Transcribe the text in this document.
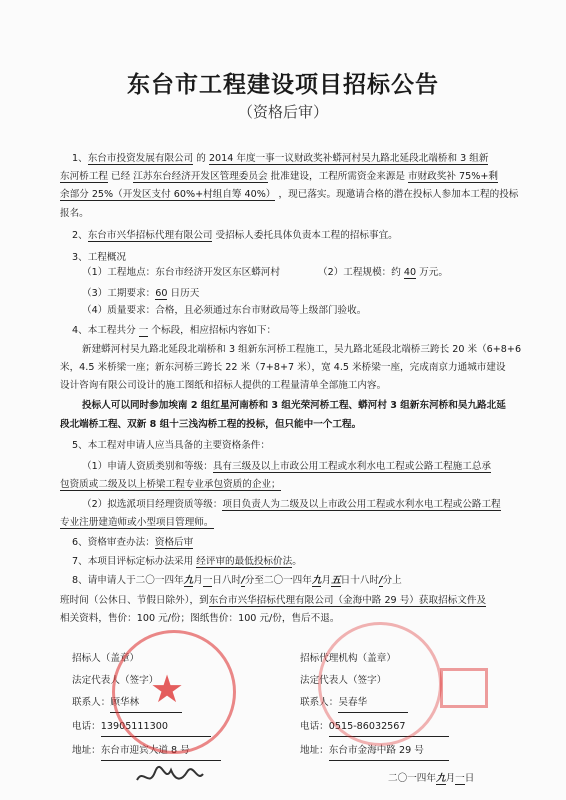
东台市工程建设项目招标公告
（资格后审）
1、东台市投资发展有限公司 的 2014 年度一事一议财政奖补蟒河村吴九路北延段北端桥和 3 组新
东河桥工程 已经 江苏东台经济开发区管理委员会 批准建设，工程所需资金来源是 市财政奖补 75%+剩
余部分 25%（开发区支付 60%+村组自筹 40%） ，现已落实。现邀请合格的潜在投标人参加本工程的投标
报名。
2、东台市兴华招标代理有限公司 受招标人委托具体负责本工程的招标事宜。
3、工程概况
（1）工程地点：东台市经济开发区东区蟒河村	（2）工程规模：约 40 万元。
（3）工期要求：60 日历天
（4）质量要求：合格，且必须通过东台市财政局等上级部门验收。
4、本工程共分 一 个标段，相应招标内容如下：
新建蟒河村吴九路北延段北端桥和 3 组新东河桥工程施工，吴九路北延段北端桥三跨长 20 米（6+8+6
米，4.5 米桥梁一座；新东河桥三跨长 22 米（7+8+7 米），宽 4.5 米桥梁一座，完成南京力通城市建设
设计咨询有限公司设计的施工图纸和招标人提供的工程量清单全部施工内容。
投标人可以同时参加埃南 2 组红星河南桥和 3 组光荣河桥工程、蟒河村 3 组新东河桥和吴九路北延
段北端桥工程、双新 8 组十三浅沟桥工程的投标，但只能中一个工程。
5、本工程对申请人应当具备的主要资格条件：
（1）申请人资质类别和等级：具有三级及以上市政公用工程或水利水电工程或公路工程施工总承
包资质或二级及以上桥梁工程专业承包资质的企业；
（2）拟选派项目经理资质等级：项目负责人为二级及以上市政公用工程或水利水电工程或公路工程
专业注册建造师或小型项目管理师。
6、资格审查办法：资格后审
7、本项目评标定标办法采用 经评审的最低投标价法。
8、请申请人于二〇一四年九月一日八时/分至二〇一四年九月五日十八时/分上
班时间（公休日、节假日除外），到东台市兴华招标代理有限公司（金海中路 29 号）获取招标文件及
相关资料，售价：100 元/份；图纸售价：100 元/份，售后不退。
招标人（盖章）
法定代表人（签字）
联系人：顾华林
电话：13905111300
地址：东台市迎宾大道 8 号
★
招标代理机构（盖章）
法定代表人（签字）
联系人：吴春华
电话：0515-86032567
地址：东台市金海中路 29 号
二〇一四年九月一日
